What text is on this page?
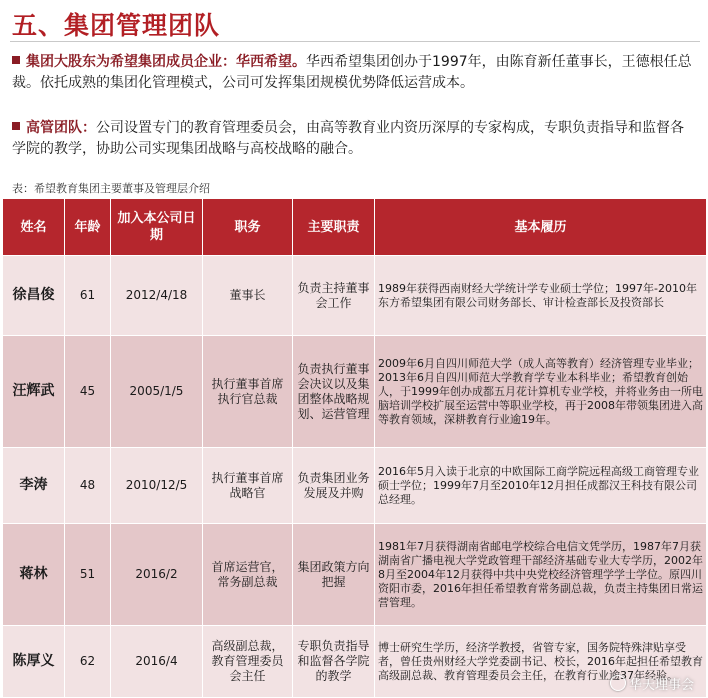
五、集团管理团队
集团大股东为希望集团成员企业：华西希望。华西希望集团创办于1997年，由陈育新任董事长，王德根任总裁。依托成熟的集团化管理模式，公司可发挥集团规模优势降低运营成本。
高管团队：公司设置专门的教育管理委员会，由高等教育业内资历深厚的专家构成，专职负责指导和监督各学院的教学，协助公司实现集团战略与高校战略的融合。
表：希望教育集团主要董事及管理层介绍
姓名	年龄	加入本公司日期	职务	主要职责	基本履历
徐昌俊	61	2012/4/18	董事长	负责主持董事会工作	1989年获得西南财经大学统计学专业硕士学位；1997年-2010年东方希望集团有限公司财务部长、审计检查部长及投资部长
汪辉武	45	2005/1/5	执行董事首席执行官总裁	负责执行董事会决议以及集团整体战略规划、运营管理	2009年6月自四川师范大学（成人高等教育）经济管理专业毕业；2013年6月自四川师范大学教育学专业本科毕业；希望教育创始人，于1999年创办成都五月花计算机专业学校，并将业务由一所电脑培训学校扩展至运营中等职业学校，再于2008年带领集团进入高等教育领域，深耕教育行业逾19年。
李涛	48	2010/12/5	执行董事首席战略官	负责集团业务发展及并购	2016年5月入读于北京的中欧国际工商学院远程高级工商管理专业硕士学位；1999年7月至2010年12月担任成都汉王科技有限公司总经理。
蒋林	51	2016/2	首席运营官，常务副总裁	集团政策方向把握	1981年7月获得湖南省邮电学校综合电信文凭学历，1987年7月获湖南省广播电视大学党政管理干部经济基础专业大专学历，2002年8月至2004年12月获得中共中央党校经济管理学学士学位。原四川资阳市委，2016年担任希望教育常务副总裁，负责主持集团日常运营管理。
陈厚义	62	2016/4	高级副总裁，教育管理委员会主任	专职负责指导和监督各学院的教学	博士研究生学历，经济学教授，省管专家，国务院特殊津贴享受者，曾任贵州财经大学党委副书记、校长，2016年起担任希望教育高级副总裁、教育管理委员会主任，在教育行业逾37年经验。
华天理事会
